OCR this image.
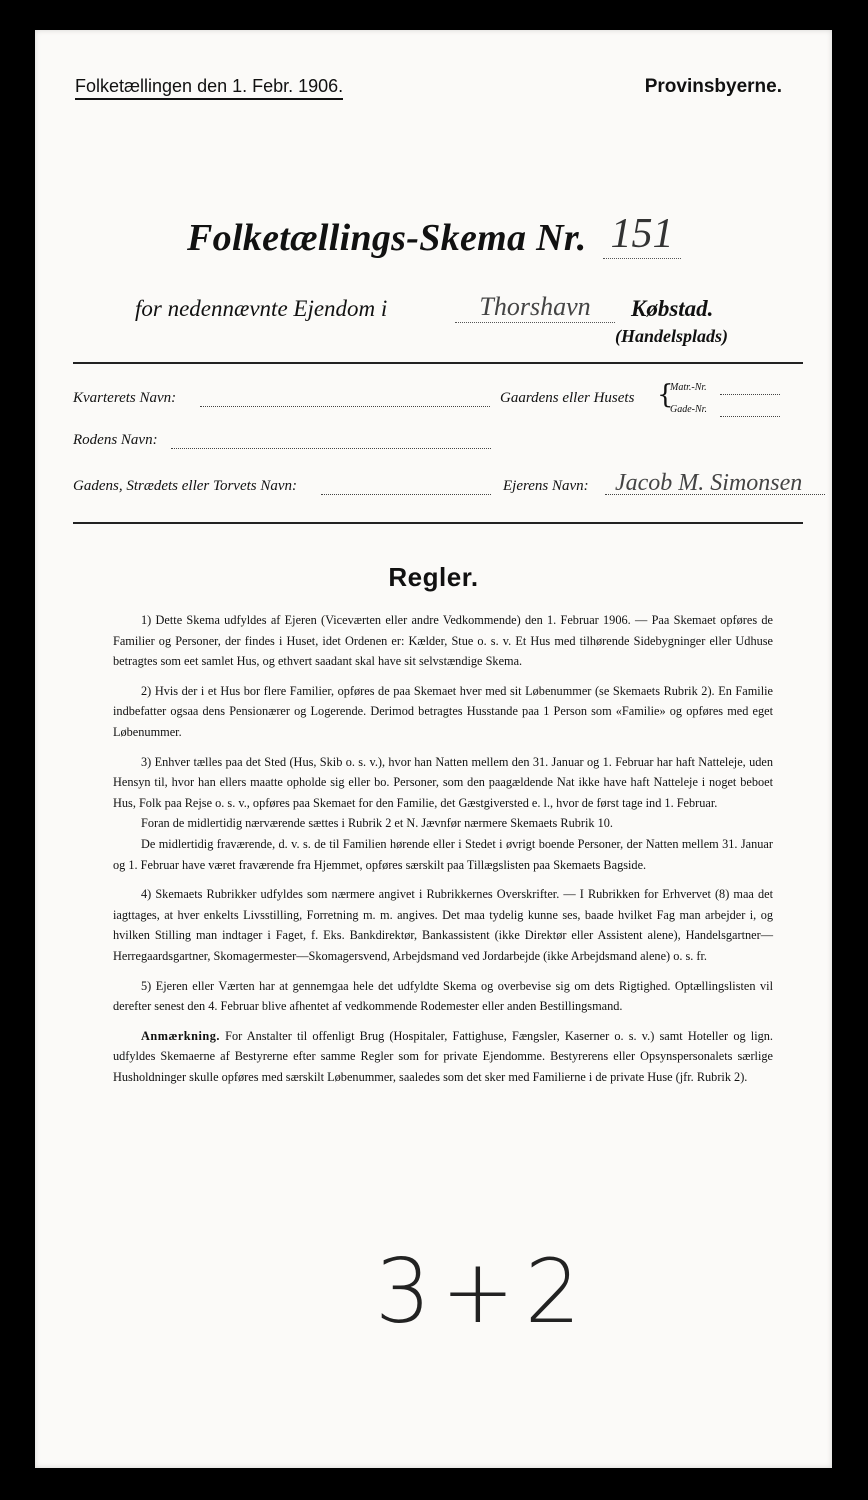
Folketællingen den 1. Febr. 1906.	Provinsbyerne.
Folketællings-Skema Nr. 151
for nedennævnte Ejendom i	Thorshavn	Købstad.
(Handelsplads)
Kvarterets Navn:	Gaardens eller Husets {
Matr.-Nr.
Gade-Nr.
Rodens Navn:
Gadens, Strædets eller Torvets Navn:	Ejerens Navn: Jacob M. Simonsen
Regler.

1) Dette Skema udfyldes af Ejeren (Viceværten eller andre Vedkommende) den 1. Februar 1906. — Paa Skemaet opføres de Familier og Personer, der findes i Huset, idet Ordenen er: Kælder, Stue o. s. v. Et Hus med tilhørende Sidebygninger eller Udhuse betragtes som eet samlet Hus, og ethvert saadant skal have sit selvstændige Skema.

2) Hvis der i et Hus bor flere Familier, opføres de paa Skemaet hver med sit Løbenummer (se Skemaets Rubrik 2). En Familie indbefatter ogsaa dens Pensionærer og Logerende. Derimod betragtes Husstande paa 1 Person som «Familie» og opføres med eget Løbenummer.

3) Enhver tælles paa det Sted (Hus, Skib o. s. v.), hvor han Natten mellem den 31. Januar og 1. Februar har haft Natteleje, uden Hensyn til, hvor han ellers maatte opholde sig eller bo. Personer, som den paagældende Nat ikke have haft Natteleje i noget beboet Hus, Folk paa Rejse o. s. v., opføres paa Skemaet for den Familie, det Gæstgiversted e. l., hvor de først tage ind 1. Februar.

Foran de midlertidig nærværende sættes i Rubrik 2 et N. Jævnfør nærmere Skemaets Rubrik 10.

De midlertidig fraværende, d. v. s. de til Familien hørende eller i Stedet i øvrigt boende Personer, der Natten mellem 31. Januar og 1. Februar have været fraværende fra Hjemmet, opføres særskilt paa Tillægslisten paa Skemaets Bagside.

4) Skemaets Rubrikker udfyldes som nærmere angivet i Rubrikkernes Overskrifter. — I Rubrikken for Erhvervet (8) maa det iagttages, at hver enkelts Livsstilling, Forretning m. m. angives. Det maa tydelig kunne ses, baade hvilket Fag man arbejder i, og hvilken Stilling man indtager i Faget, f. Eks. Bankdirektør, Bankassistent (ikke Direktør eller Assistent alene), Handelsgartner—Herregaardsgartner, Skomagermester—Skomagersvend, Arbejdsmand ved Jordarbejde (ikke Arbejdsmand alene) o. s. fr.

5) Ejeren eller Værten har at gennemgaa hele det udfyldte Skema og overbevise sig om dets Rigtighed. Optællingslisten vil derefter senest den 4. Februar blive afhentet af vedkommende Rodemester eller anden Bestillingsmand.

Anmærkning. For Anstalter til offenligt Brug (Hospitaler, Fattighuse, Fængsler, Kaserner o. s. v.) samt Hoteller og lign. udfyldes Skemaerne af Bestyrerne efter samme Regler som for private Ejendomme. Bestyrerens eller Opsynspersonalets særlige Husholdninger skulle opføres med særskilt Løbenummer, saaledes som det sker med Familierne i de private Huse (jfr. Rubrik 2).

3+2
